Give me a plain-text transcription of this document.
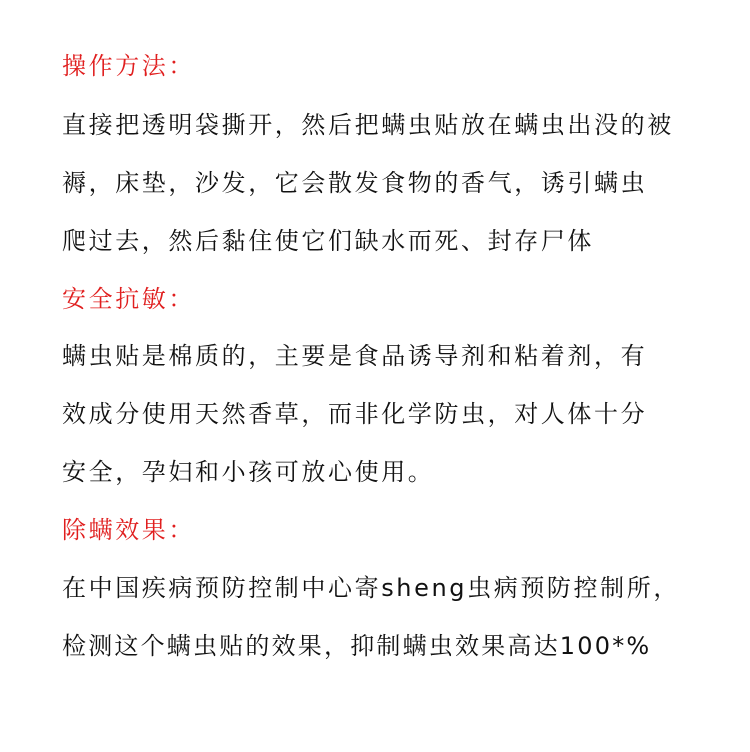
操作方法：
直接把透明袋撕开，然后把螨虫贴放在螨虫出没的被
褥，床垫，沙发，它会散发食物的香气，诱引螨虫
爬过去，然后黏住使它们缺水而死、封存尸体
安全抗敏：
螨虫贴是棉质的，主要是食品诱导剂和粘着剂，有
效成分使用天然香草，而非化学防虫，对人体十分
安全，孕妇和小孩可放心使用。
除螨效果：
在中国疾病预防控制中心寄sheng虫病预防控制所，
检测这个螨虫贴的效果，抑制螨虫效果高达100*%
